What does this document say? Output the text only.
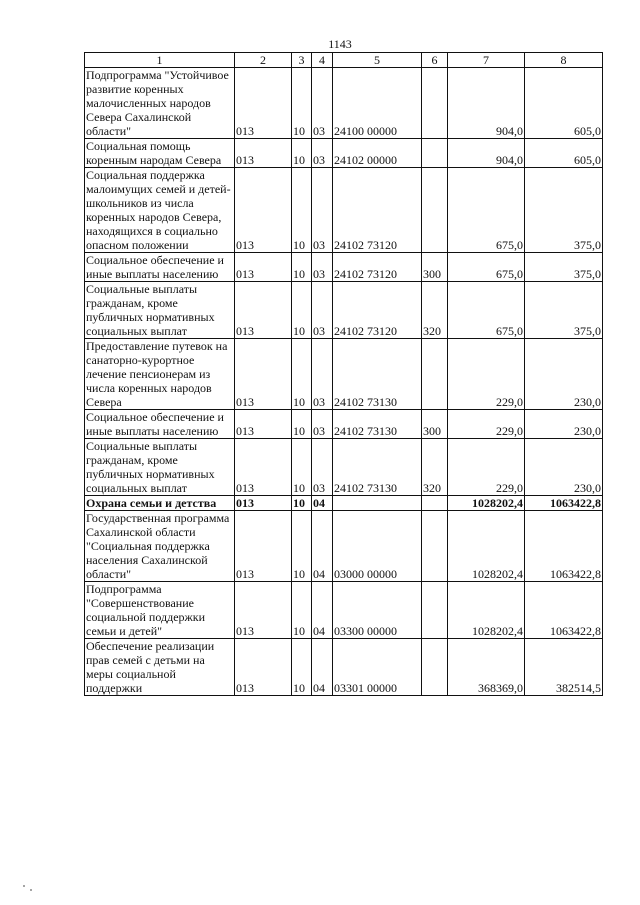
1143
1	2	3	4	5	6	7	8
Подпрограмма "Устойчивое развитие коренных малочисленных народов Севера Сахалинской области"	013	10	03	24100 00000		904,0	605,0
Социальная помощь коренным народам Севера	013	10	03	24102 00000		904,0	605,0
Социальная поддержка малоимущих семей и детей-школьников из числа коренных народов Севера, находящихся в социально опасном положении	013	10	03	24102 73120		675,0	375,0
Социальное обеспечение и иные выплаты населению	013	10	03	24102 73120	300	675,0	375,0
Социальные выплаты гражданам, кроме публичных нормативных социальных выплат	013	10	03	24102 73120	320	675,0	375,0
Предоставление путевок на санаторно-курортное лечение пенсионерам из числа коренных народов Севера	013	10	03	24102 73130		229,0	230,0
Социальное обеспечение и иные выплаты населению	013	10	03	24102 73130	300	229,0	230,0
Социальные выплаты гражданам, кроме публичных нормативных социальных выплат	013	10	03	24102 73130	320	229,0	230,0
Охрана семьи и детства	013	10	04			1028202,4	1063422,8
Государственная программа Сахалинской области "Социальная поддержка населения Сахалинской области"	013	10	04	03000 00000		1028202,4	1063422,8
Подпрограмма "Совершенствование социальной поддержки семьи и детей"	013	10	04	03300 00000		1028202,4	1063422,8
Обеспечение реализации прав семей с детьми на меры социальной поддержки	013	10	04	03301 00000		368369,0	382514,5
